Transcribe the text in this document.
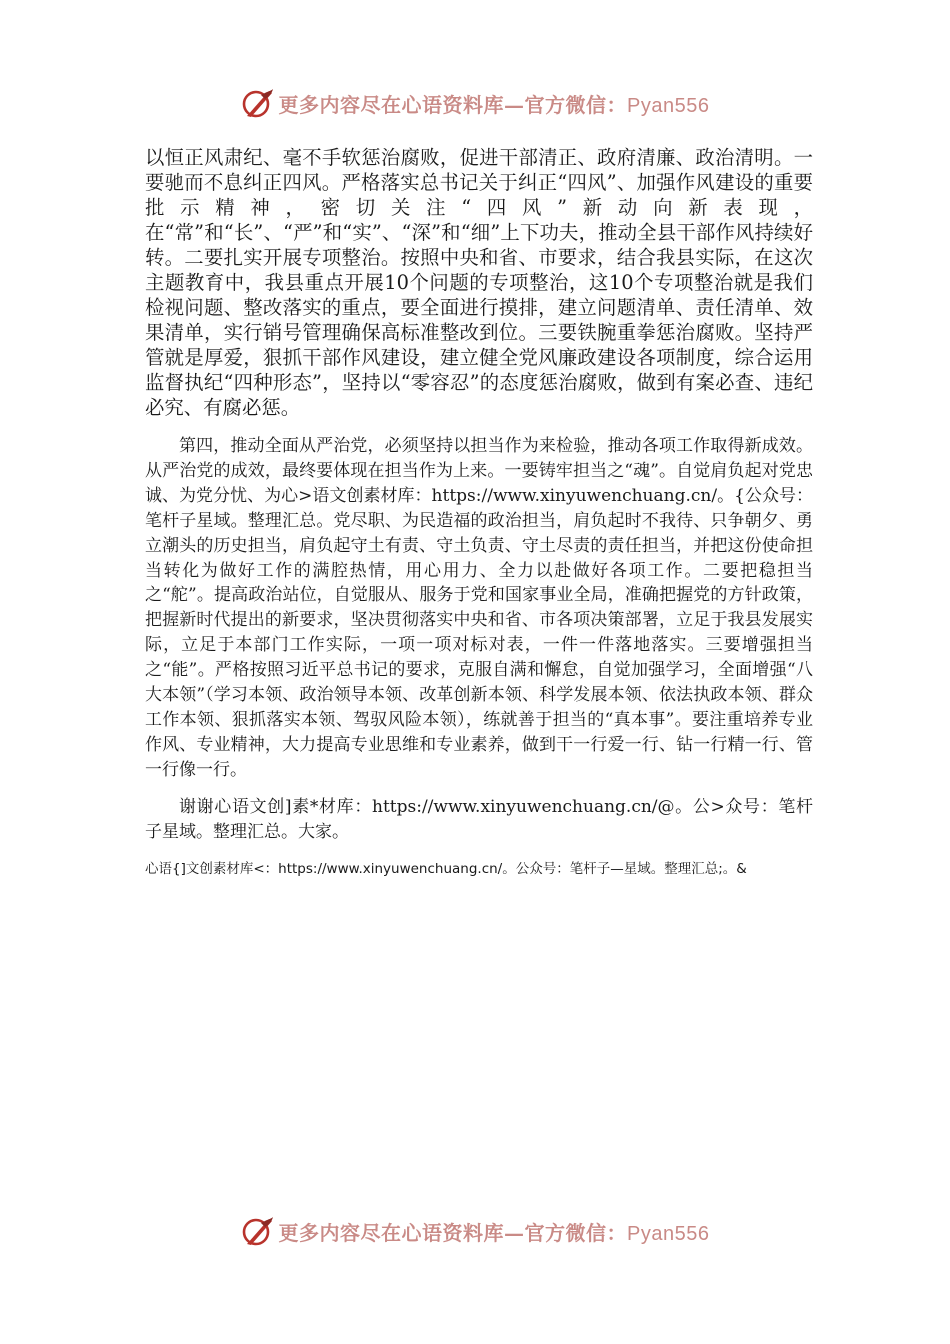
更多内容尽在心语资料库—官方微信：Pyan556

以恒正风肃纪、毫不手软惩治腐败，促进干部清正、政府清廉、政治清明。一要驰而不息纠正四风。严格落实总书记关于纠正“四风”、加强作风建设的重要批示精神，密切关注“四风”新动向新表现，在“常”和“长”、“严”和“实”、“深”和“细”上下功夫，推动全县干部作风持续好转。二要扎实开展专项整治。按照中央和省、市要求，结合我县实际，在这次主题教育中，我县重点开展10个问题的专项整治，这10个专项整治就是我们检视问题、整改落实的重点，要全面进行摸排，建立问题清单、责任清单、效果清单，实行销号管理确保高标准整改到位。三要铁腕重拳惩治腐败。坚持严管就是厚爱，狠抓干部作风建设，建立健全党风廉政建设各项制度，综合运用监督执纪“四种形态”，坚持以“零容忍”的态度惩治腐败，做到有案必查、违纪必究、有腐必惩。

第四，推动全面从严治党，必须坚持以担当作为来检验，推动各项工作取得新成效。从严治党的成效，最终要体现在担当作为上来。一要铸牢担当之“魂”。自觉肩负起对党忠诚、为党分忧、为心>语文创素材库：https://www.xinyuwenchuang.cn/。{公众号：笔杆子星域。整理汇总。党尽职、为民造福的政治担当，肩负起时不我待、只争朝夕、勇立潮头的历史担当，肩负起守土有责、守土负责、守土尽责的责任担当，并把这份使命担当转化为做好工作的满腔热情，用心用力、全力以赴做好各项工作。二要把稳担当之“舵”。提高政治站位，自觉服从、服务于党和国家事业全局，准确把握党的方针政策，把握新时代提出的新要求，坚决贯彻落实中央和省、市各项决策部署，立足于我县发展实际，立足于本部门工作实际，一项一项对标对表，一件一件落地落实。三要增强担当之“能”。严格按照习近平总书记的要求，克服自满和懈怠，自觉加强学习，全面增强“八大本领”（学习本领、政治领导本领、改革创新本领、科学发展本领、依法执政本领、群众工作本领、狠抓落实本领、驾驭风险本领），练就善于担当的“真本事”。要注重培养专业作风、专业精神，大力提高专业思维和专业素养，做到干一行爱一行、钻一行精一行、管一行像一行。

谢谢心语文创]素*材库：https://www.xinyuwenchuang.cn/@。公>众号：笔杆子星域。整理汇总。大家。

心语{]文创素材库<：https://www.xinyuwenchuang.cn/。公众号：笔杆子—星域。整理汇总;。&

更多内容尽在心语资料库—官方微信：Pyan556
